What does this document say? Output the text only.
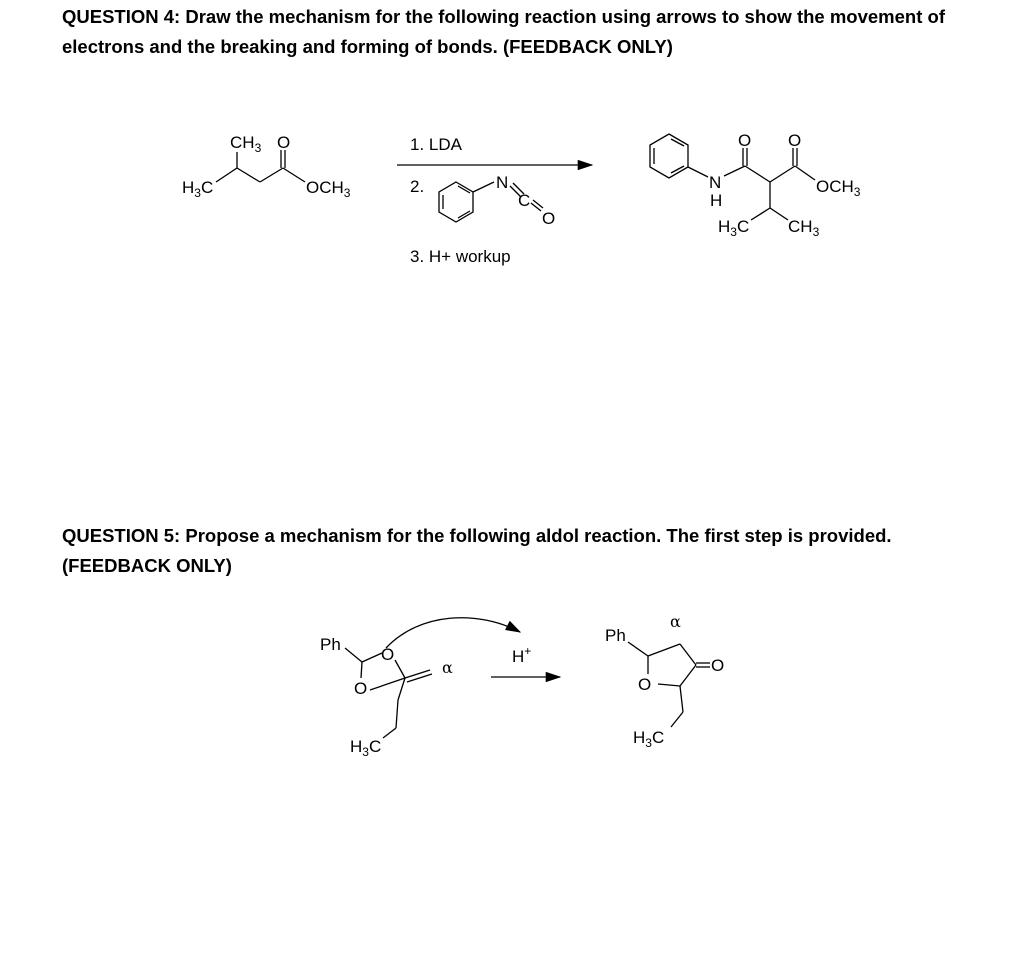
QUESTION 4: Draw the mechanism for the following reaction using arrows to show the movement of electrons and the breaking and forming of bonds. (FEEDBACK ONLY)

QUESTION 5: Propose a mechanism for the following aldol reaction. The first step is provided. (FEEDBACK ONLY)

$CH_3$ O
$H_3C$	$OCH_3$
1. LDA
2.	N
C
O
3. H+ workup
O O
N
H
$OCH_3$
$H_3C$ $CH_3$
Ph
O
O
α
$H_3C$
H+
Ph
α
O
O
$H_3C$
